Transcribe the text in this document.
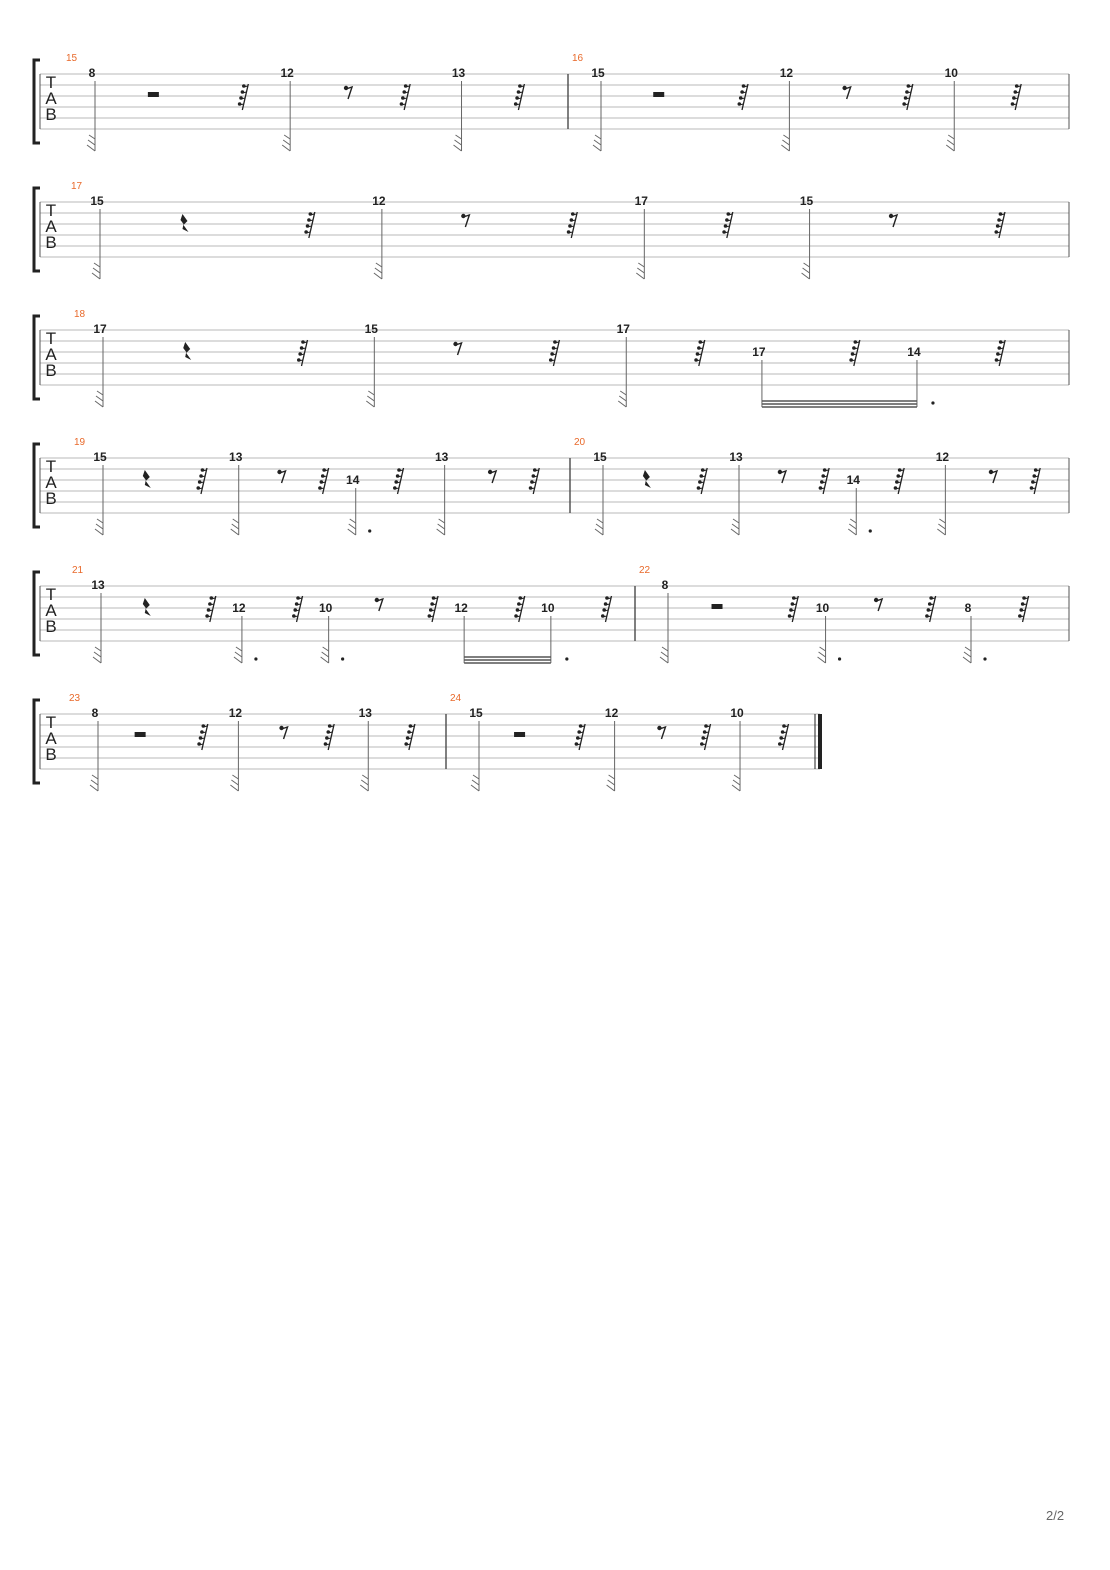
T
A
B
15
8	12	13
16
15	12	10
T
A
B
17
15	12	17	15
T
A
B
18
17	15	17
17	14
T
A
B
19
15	13
14
13
20
15	13
14
12
T
A
B
21
13
12	10	12	10
22
8
10	8
T
A
B
23
8	12	13
24
15	12	10
2/2
